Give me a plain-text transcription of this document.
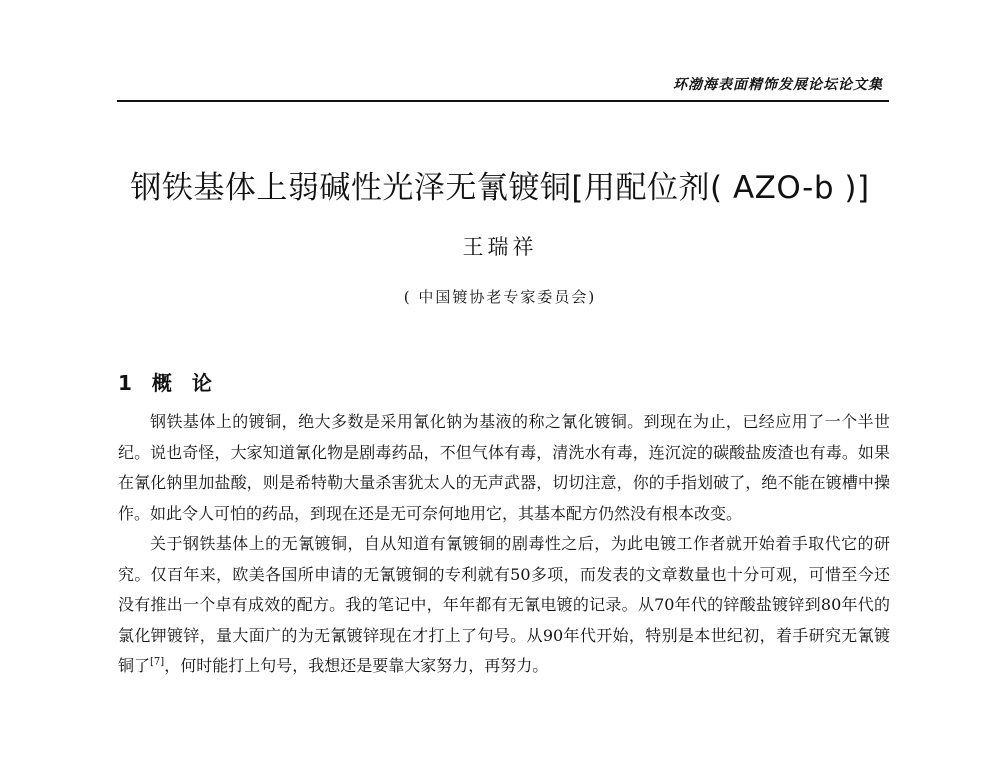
环渤海表面精饰发展论坛论文集
钢铁基体上弱碱性光泽无氰镀铜[用配位剂( AZO-b )]
王瑞祥
( 中国镀协老专家委员会)
1 概论

钢铁基体上的镀铜，绝大多数是采用氰化钠为基液的称之氰化镀铜。到现在为止，已经应用了一个半世纪。说也奇怪，大家知道氰化物是剧毒药品，不但气体有毒，清洗水有毒，连沉淀的碳酸盐废渣也有毒。如果在氰化钠里加盐酸，则是希特勒大量杀害犹太人的无声武器，切切注意，你的手指划破了，绝不能在镀槽中操作。如此令人可怕的药品，到现在还是无可奈何地用它，其基本配方仍然没有根本改变。

关于钢铁基体上的无氰镀铜，自从知道有氰镀铜的剧毒性之后，为此电镀工作者就开始着手取代它的研究。仅百年来，欧美各国所申请的无氰镀铜的专利就有50多项，而发表的文章数量也十分可观，可惜至今还没有推出一个卓有成效的配方。我的笔记中，年年都有无氰电镀的记录。从70年代的锌酸盐镀锌到80年代的氯化钾镀锌，量大面广的为无氰镀锌现在才打上了句号。从90年代开始，特别是本世纪初，着手研究无氰镀铜了[7]，何时能打上句号，我想还是要靠大家努力，再努力。
